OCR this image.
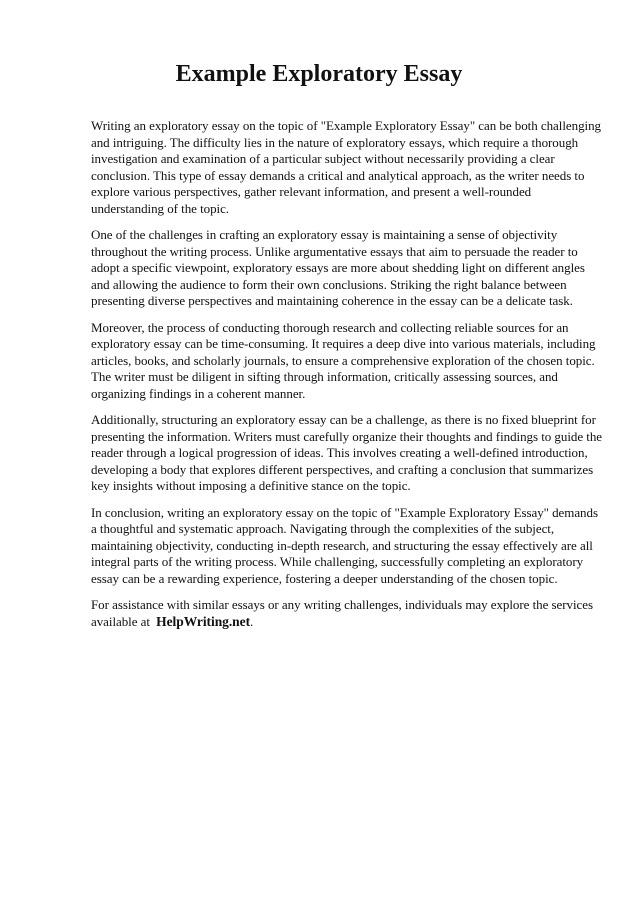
Example Exploratory Essay

Writing an exploratory essay on the topic of "Example Exploratory Essay" can be both challenging and intriguing. The difficulty lies in the nature of exploratory essays, which require a thorough investigation and examination of a particular subject without necessarily providing a clear conclusion. This type of essay demands a critical and analytical approach, as the writer needs to explore various perspectives, gather relevant information, and present a well-rounded understanding of the topic.

One of the challenges in crafting an exploratory essay is maintaining a sense of objectivity throughout the writing process. Unlike argumentative essays that aim to persuade the reader to adopt a specific viewpoint, exploratory essays are more about shedding light on different angles and allowing the audience to form their own conclusions. Striking the right balance between presenting diverse perspectives and maintaining coherence in the essay can be a delicate task.

Moreover, the process of conducting thorough research and collecting reliable sources for an exploratory essay can be time-consuming. It requires a deep dive into various materials, including articles, books, and scholarly journals, to ensure a comprehensive exploration of the chosen topic. The writer must be diligent in sifting through information, critically assessing sources, and organizing findings in a coherent manner.

Additionally, structuring an exploratory essay can be a challenge, as there is no fixed blueprint for presenting the information. Writers must carefully organize their thoughts and findings to guide the reader through a logical progression of ideas. This involves creating a well-defined introduction, developing a body that explores different perspectives, and crafting a conclusion that summarizes key insights without imposing a definitive stance on the topic.

In conclusion, writing an exploratory essay on the topic of "Example Exploratory Essay" demands a thoughtful and systematic approach. Navigating through the complexities of the subject, maintaining objectivity, conducting in-depth research, and structuring the essay effectively are all integral parts of the writing process. While challenging, successfully completing an exploratory essay can be a rewarding experience, fostering a deeper understanding of the chosen topic.

For assistance with similar essays or any writing challenges, individuals may explore the services available at HelpWriting.net.
